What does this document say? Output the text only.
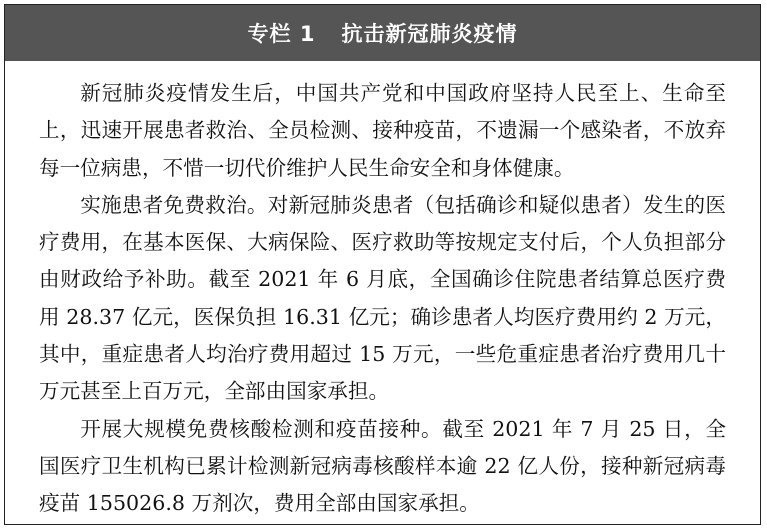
专栏 1 抗击新冠肺炎疫情

新冠肺炎疫情发生后，中国共产党和中国政府坚持人民至上、生命至上，迅速开展患者救治、全员检测、接种疫苗，不遗漏一个感染者，不放弃每一位病患，不惜一切代价维护人民生命安全和身体健康。

实施患者免费救治。对新冠肺炎患者（包括确诊和疑似患者）发生的医疗费用，在基本医保、大病保险、医疗救助等按规定支付后，个人负担部分由财政给予补助。截至 2021 年 6 月底，全国确诊住院患者结算总医疗费用 28.37 亿元，医保负担 16.31 亿元；确诊患者人均医疗费用约 2 万元，其中，重症患者人均治疗费用超过 15 万元，一些危重症患者治疗费用几十万元甚至上百万元，全部由国家承担。

开展大规模免费核酸检测和疫苗接种。截至 2021 年 7 月 25 日，全国医疗卫生机构已累计检测新冠病毒核酸样本逾 22 亿人份，接种新冠病毒疫苗 155026.8 万剂次，费用全部由国家承担。
